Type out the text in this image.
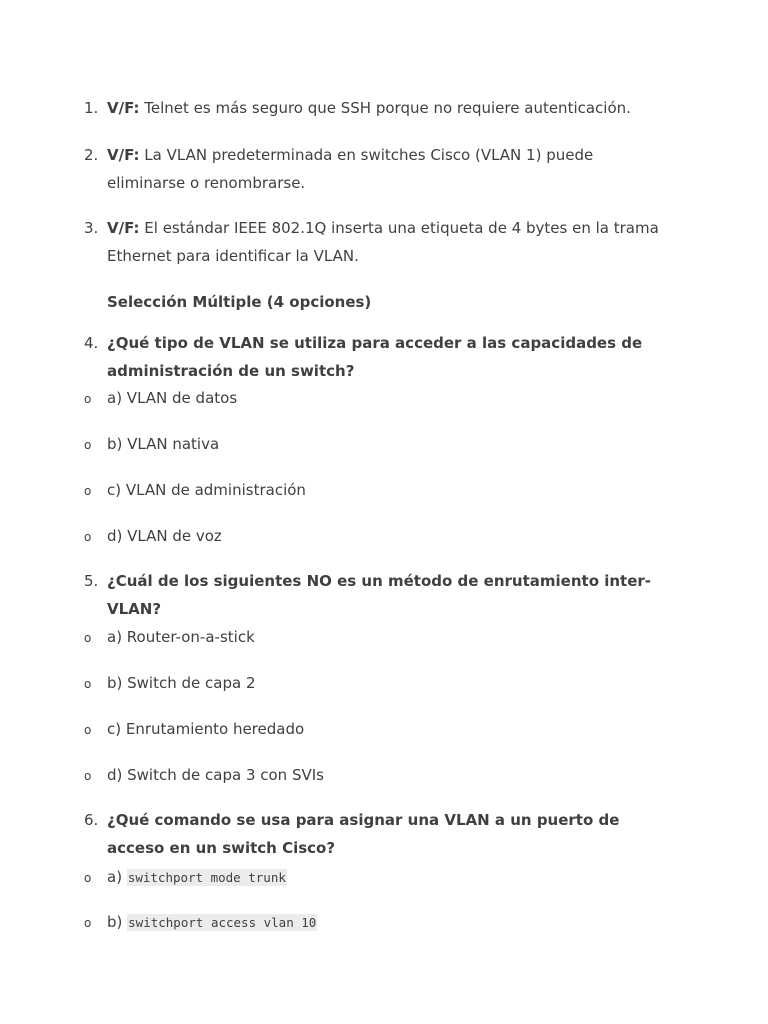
1. V/F: Telnet es más seguro que SSH porque no requiere autenticación.
2. V/F: La VLAN predeterminada en switches Cisco (VLAN 1) puede eliminarse o renombrarse.
3. V/F: El estándar IEEE 802.1Q inserta una etiqueta de 4 bytes en la trama Ethernet para identificar la VLAN.
Selección Múltiple (4 opciones)
4. ¿Qué tipo de VLAN se utiliza para acceder a las capacidades de administración de un switch?
o a) VLAN de datos
o b) VLAN nativa
o c) VLAN de administración
o d) VLAN de voz
5. ¿Cuál de los siguientes NO es un método de enrutamiento inter-VLAN?
o a) Router-on-a-stick
o b) Switch de capa 2
o c) Enrutamiento heredado
o d) Switch de capa 3 con SVIs
6. ¿Qué comando se usa para asignar una VLAN a un puerto de acceso en un switch Cisco?
o a) switchport mode trunk
o b) switchport access vlan 10
